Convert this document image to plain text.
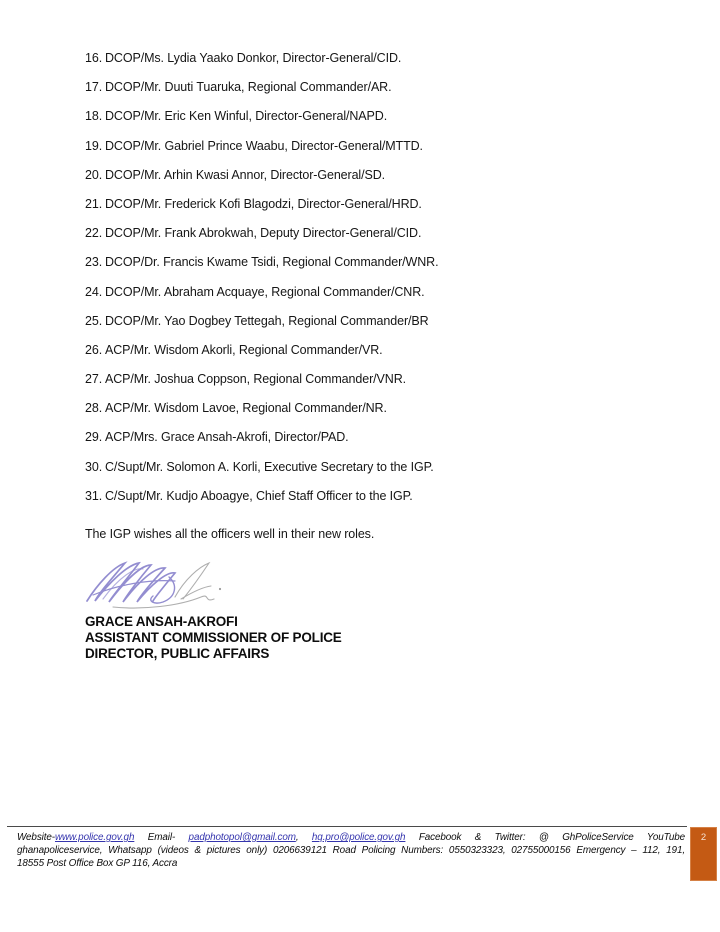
16. DCOP/Ms. Lydia Yaako Donkor, Director-General/CID.
17. DCOP/Mr. Duuti Tuaruka, Regional Commander/AR.
18. DCOP/Mr. Eric Ken Winful, Director-General/NAPD.
19. DCOP/Mr. Gabriel Prince Waabu, Director-General/MTTD.
20. DCOP/Mr. Arhin Kwasi Annor, Director-General/SD.
21. DCOP/Mr. Frederick Kofi Blagodzi, Director-General/HRD.
22. DCOP/Mr. Frank Abrokwah, Deputy Director-General/CID.
23. DCOP/Dr. Francis Kwame Tsidi, Regional Commander/WNR.
24. DCOP/Mr. Abraham Acquaye, Regional Commander/CNR.
25. DCOP/Mr. Yao Dogbey Tettegah, Regional Commander/BR
26. ACP/Mr. Wisdom Akorli, Regional Commander/VR.
27. ACP/Mr. Joshua Coppson, Regional Commander/VNR.
28. ACP/Mr. Wisdom Lavoe, Regional Commander/NR.
29. ACP/Mrs. Grace Ansah-Akrofi, Director/PAD.
30. C/Supt/Mr. Solomon A. Korli, Executive Secretary to the IGP.
31. C/Supt/Mr. Kudjo Aboagye, Chief Staff Officer to the IGP.

The IGP wishes all the officers well in their new roles.

GRACE ANSAH-AKROFI
ASSISTANT COMMISSIONER OF POLICE
DIRECTOR, PUBLIC AFFAIRS
Website-www.police.gov.gh Email- padphotopol@gmail.com, hq.pro@police.gov.gh Facebook & Twitter: @ GhPoliceService YouTube
ghanapoliceservice, Whatsapp (videos & pictures only) 0206639121 Road Policing Numbers: 0550323323, 02755000156 Emergency – 112, 191,
18555 Post Office Box GP 116, Accra
2
